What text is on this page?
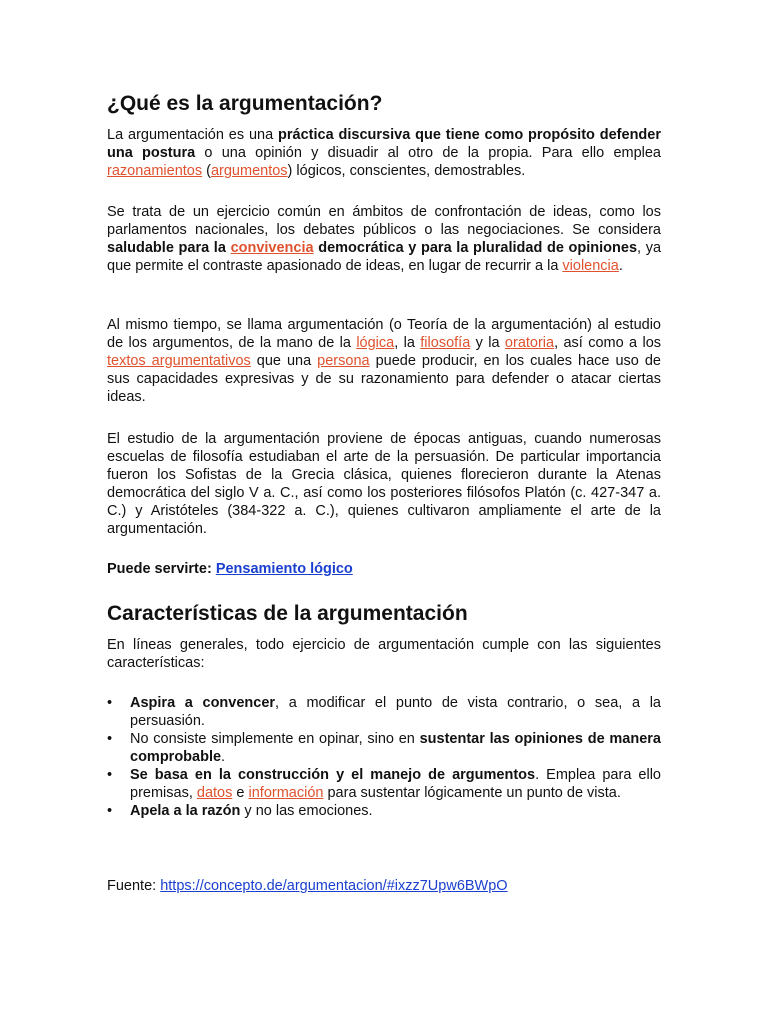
¿Qué es la argumentación?

La argumentación es una práctica discursiva que tiene como propósito defender una postura o una opinión y disuadir al otro de la propia. Para ello emplea razonamientos (argumentos) lógicos, conscientes, demostrables.

Se trata de un ejercicio común en ámbitos de confrontación de ideas, como los parlamentos nacionales, los debates públicos o las negociaciones. Se considera saludable para la convivencia democrática y para la pluralidad de opiniones, ya que permite el contraste apasionado de ideas, en lugar de recurrir a la violencia.

Al mismo tiempo, se llama argumentación (o Teoría de la argumentación) al estudio de los argumentos, de la mano de la lógica, la filosofía y la oratoria, así como a los textos argumentativos que una persona puede producir, en los cuales hace uso de sus capacidades expresivas y de su razonamiento para defender o atacar ciertas ideas.

El estudio de la argumentación proviene de épocas antiguas, cuando numerosas escuelas de filosofía estudiaban el arte de la persuasión. De particular importancia fueron los Sofistas de la Grecia clásica, quienes florecieron durante la Atenas democrática del siglo V a. C., así como los posteriores filósofos Platón (c. 427-347 a. C.) y Aristóteles (384-322 a. C.), quienes cultivaron ampliamente el arte de la argumentación.

Puede servirte: Pensamiento lógico

Características de la argumentación

En líneas generales, todo ejercicio de argumentación cumple con las siguientes características:

•	Aspira a convencer, a modificar el punto de vista contrario, o sea, a la persuasión.
•	No consiste simplemente en opinar, sino en sustentar las opiniones de manera comprobable.
•	Se basa en la construcción y el manejo de argumentos. Emplea para ello premisas, datos e información para sustentar lógicamente un punto de vista.
•	Apela a la razón y no las emociones.
Fuente: https://concepto.de/argumentacion/#ixzz7Upw6BWpO
